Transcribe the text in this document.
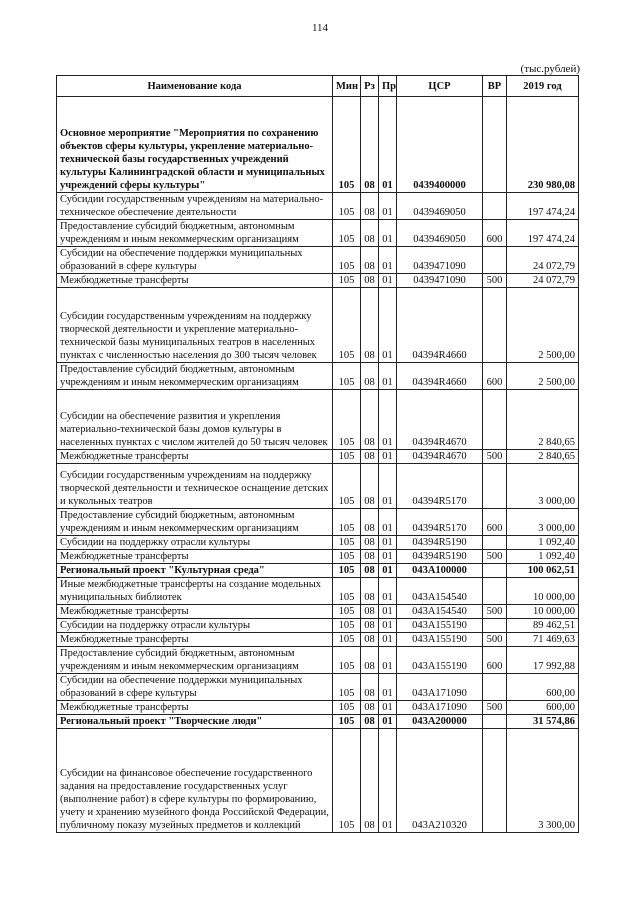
114
(тыс.рублей)
Наименование кода	Мин	Рз	Пр	ЦСР	ВР	2019 год
Основное мероприятие "Мероприятия по сохранению объектов сферы культуры, укрепление материально-технической базы государственных учреждений культуры Калининградской области и муниципальных учреждений сферы культуры"	105	08	01	0439400000		230 980,08
Субсидии государственным учреждениям на материально-техническое обеспечение деятельности	105	08	01	0439469050		197 474,24
Предоставление субсидий бюджетным, автономным учреждениям и иным некоммерческим организациям	105	08	01	0439469050	600	197 474,24
Субсидии на обеспечение поддержки муниципальных образований в сфере культуры	105	08	01	0439471090		24 072,79
Межбюджетные трансферты	105	08	01	0439471090	500	24 072,79
Субсидии государственным учреждениям на поддержку творческой деятельности и укрепление материально-технической базы муниципальных театров в населенных пунктах с численностью населения до 300 тысяч человек	105	08	01	04394R4660		2 500,00
Предоставление субсидий бюджетным, автономным учреждениям и иным некоммерческим организациям	105	08	01	04394R4660	600	2 500,00
Субсидии на обеспечение развития и укрепления материально-технической базы домов культуры в населенных пунктах с числом жителей до 50 тысяч человек	105	08	01	04394R4670		2 840,65
Межбюджетные трансферты	105	08	01	04394R4670	500	2 840,65
Субсидии государственным учреждениям на поддержку творческой деятельности и техническое оснащение детских и кукольных театров	105	08	01	04394R5170		3 000,00
Предоставление субсидий бюджетным, автономным учреждениям и иным некоммерческим организациям	105	08	01	04394R5170	600	3 000,00
Субсидии на поддержку отрасли культуры	105	08	01	04394R5190		1 092,40
Межбюджетные трансферты	105	08	01	04394R5190	500	1 092,40
Региональный проект "Культурная среда"	105	08	01	043A100000		100 062,51
Иные межбюджетные трансферты на создание модельных муниципальных библиотек	105	08	01	043A154540		10 000,00
Межбюджетные трансферты	105	08	01	043A154540	500	10 000,00
Субсидии на поддержку отрасли культуры	105	08	01	043A155190		89 462,51
Межбюджетные трансферты	105	08	01	043A155190	500	71 469,63
Предоставление субсидий бюджетным, автономным учреждениям и иным некоммерческим организациям	105	08	01	043A155190	600	17 992,88
Субсидии на обеспечение поддержки муниципальных образований в сфере культуры	105	08	01	043A171090		600,00
Межбюджетные трансферты	105	08	01	043A171090	500	600,00
Региональный проект "Творческие люди"	105	08	01	043A200000		31 574,86
Субсидии на финансовое обеспечение государственного задания на предоставление государственных услуг (выполнение работ) в сфере культуры по формированию, учету и хранению музейного фонда Российской Федерации, публичному показу музейных предметов и коллекций	105	08	01	043A210320		3 300,00
